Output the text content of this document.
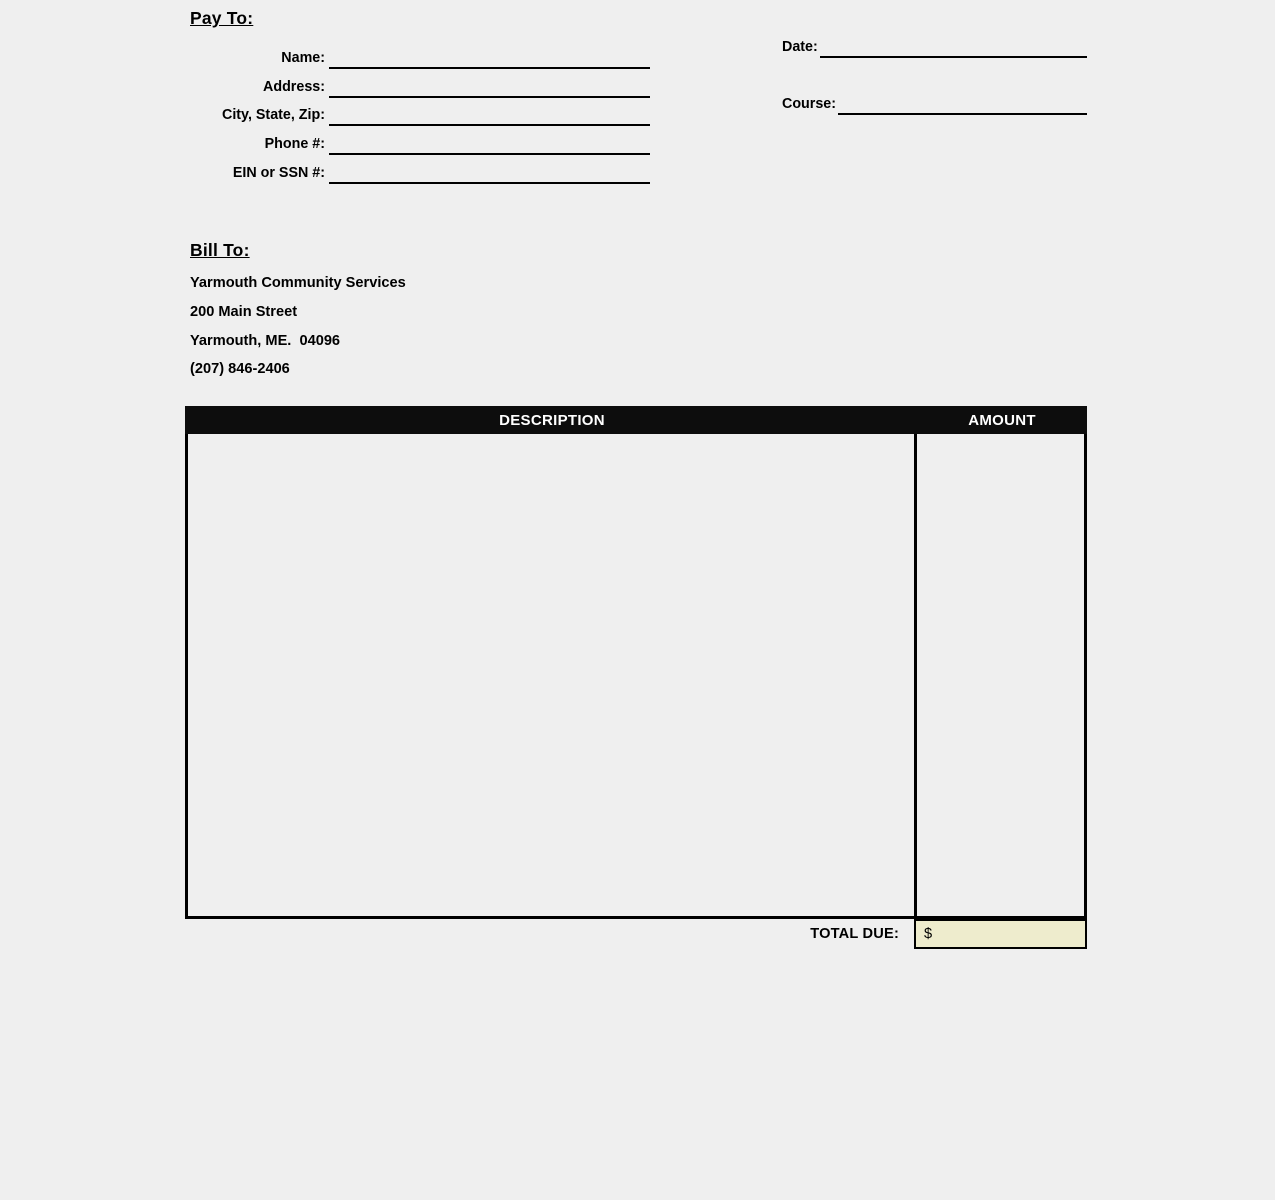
Pay To:
Name:
Address:
City, State, Zip:
Phone #:
EIN or SSN #:
Date:
Course:
Bill To:
Yarmouth Community Services
200 Main Street
Yarmouth, ME.  04096
(207) 846-2406
DESCRIPTION	AMOUNT
TOTAL DUE:	$
